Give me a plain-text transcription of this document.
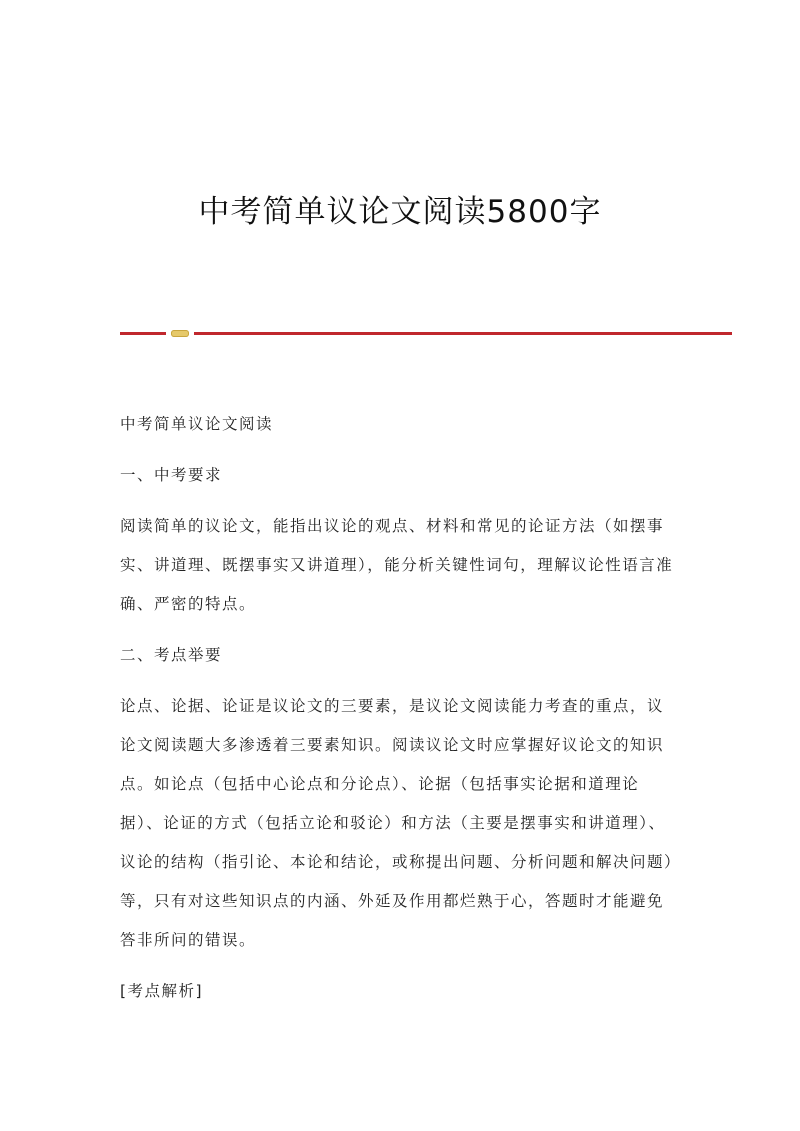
中考简单议论文阅读5800字
中考简单议论文阅读
一、中考要求

阅读简单的议论文，能指出议论的观点、材料和常见的论证方法（如摆事实、讲道理、既摆事实又讲道理），能分析关键性词句，理解议论性语言准确、严密的特点。

二、考点举要

论点、论据、论证是议论文的三要素，是议论文阅读能力考查的重点，议论文阅读题大多渗透着三要素知识。阅读议论文时应掌握好议论文的知识点。如论点（包括中心论点和分论点）、论据（包括事实论据和道理论据）、论证的方式（包括立论和驳论）和方法（主要是摆事实和讲道理）、议论的结构（指引论、本论和结论，或称提出问题、分析问题和解决问题）等，只有对这些知识点的内涵、外延及作用都烂熟于心，答题时才能避免答非所问的错误。

[考点解析]
